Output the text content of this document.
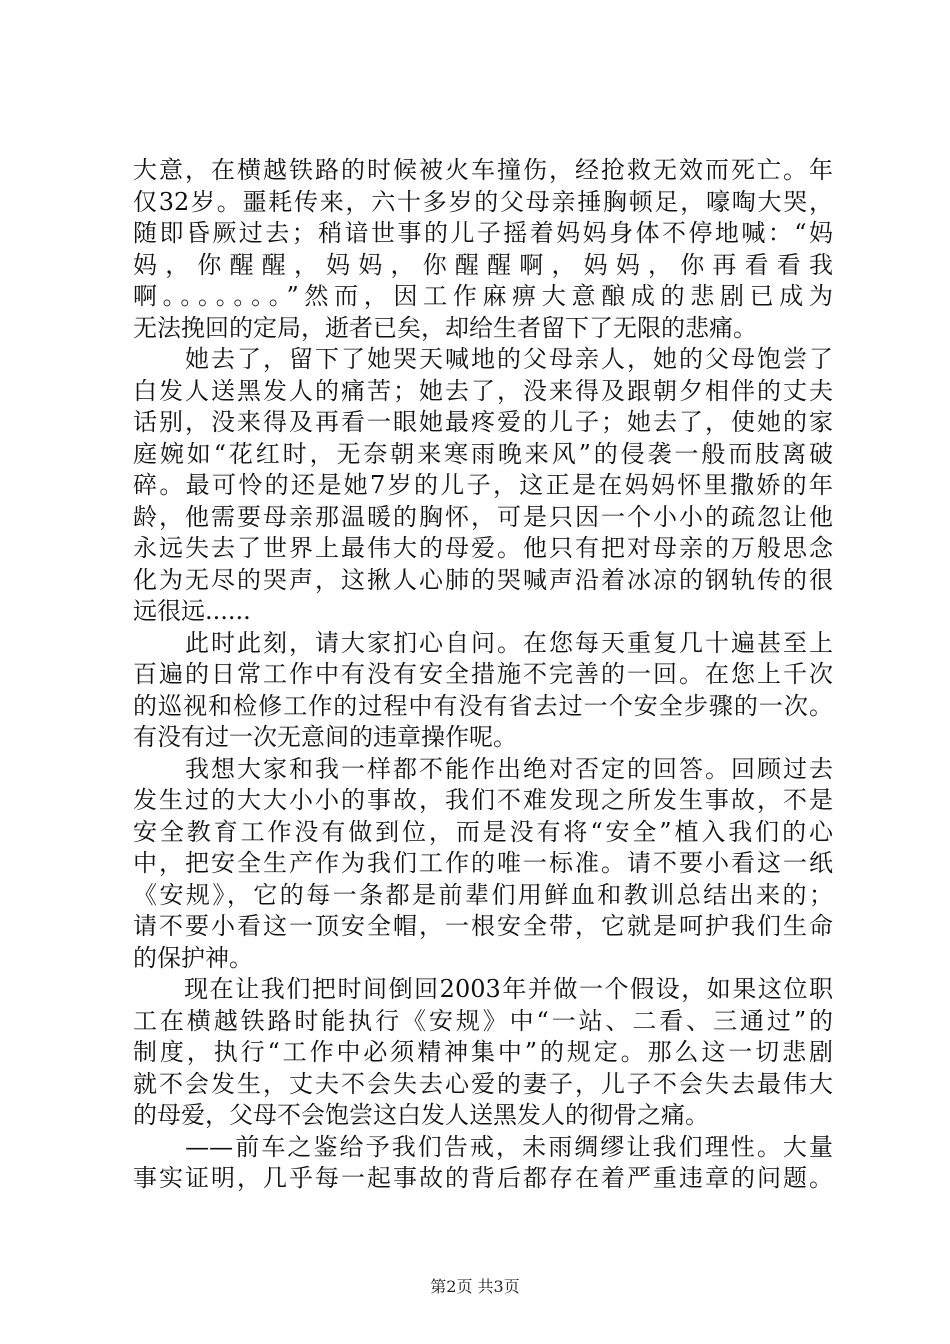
大意，在横越铁路的时候被火车撞伤，经抢救无效而死亡。年
仅32岁。噩耗传来，六十多岁的父母亲捶胸顿足，嚎啕大哭，
随即昏厥过去；稍谙世事的儿子摇着妈妈身体不停地喊：“妈
妈，你醒醒，妈妈，你醒醒啊，妈妈，你再看看我
啊。。。。。。。”然而，因工作麻痹大意酿成的悲剧已成为
无法挽回的定局，逝者已矣，却给生者留下了无限的悲痛。
　　她去了，留下了她哭天喊地的父母亲人，她的父母饱尝了
白发人送黑发人的痛苦；她去了，没来得及跟朝夕相伴的丈夫
话别，没来得及再看一眼她最疼爱的儿子；她去了，使她的家
庭婉如“花红时，无奈朝来寒雨晚来风”的侵袭一般而肢离破
碎。最可怜的还是她7岁的儿子，这正是在妈妈怀里撒娇的年
龄，他需要母亲那温暖的胸怀，可是只因一个小小的疏忽让他
永远失去了世界上最伟大的母爱。他只有把对母亲的万般思念
化为无尽的哭声，这揪人心肺的哭喊声沿着冰凉的钢轨传的很
远很远......
　　此时此刻，请大家扪心自问。在您每天重复几十遍甚至上
百遍的日常工作中有没有安全措施不完善的一回。在您上千次
的巡视和检修工作的过程中有没有省去过一个安全步骤的一次。
有没有过一次无意间的违章操作呢。
　　我想大家和我一样都不能作出绝对否定的回答。回顾过去
发生过的大大小小的事故，我们不难发现之所发生事故，不是
安全教育工作没有做到位，而是没有将“安全”植入我们的心
中，把安全生产作为我们工作的唯一标准。请不要小看这一纸
《安规》，它的每一条都是前辈们用鲜血和教训总结出来的；
请不要小看这一顶安全帽，一根安全带，它就是呵护我们生命
的保护神。
　　现在让我们把时间倒回2003年并做一个假设，如果这位职
工在横越铁路时能执行《安规》中“一站、二看、三通过”的
制度，执行“工作中必须精神集中”的规定。那么这一切悲剧
就不会发生，丈夫不会失去心爱的妻子，儿子不会失去最伟大
的母爱，父母不会饱尝这白发人送黑发人的彻骨之痛。
　　——前车之鉴给予我们告戒，未雨绸缪让我们理性。大量
事实证明，几乎每一起事故的背后都存在着严重违章的问题。
第2页 共3页
